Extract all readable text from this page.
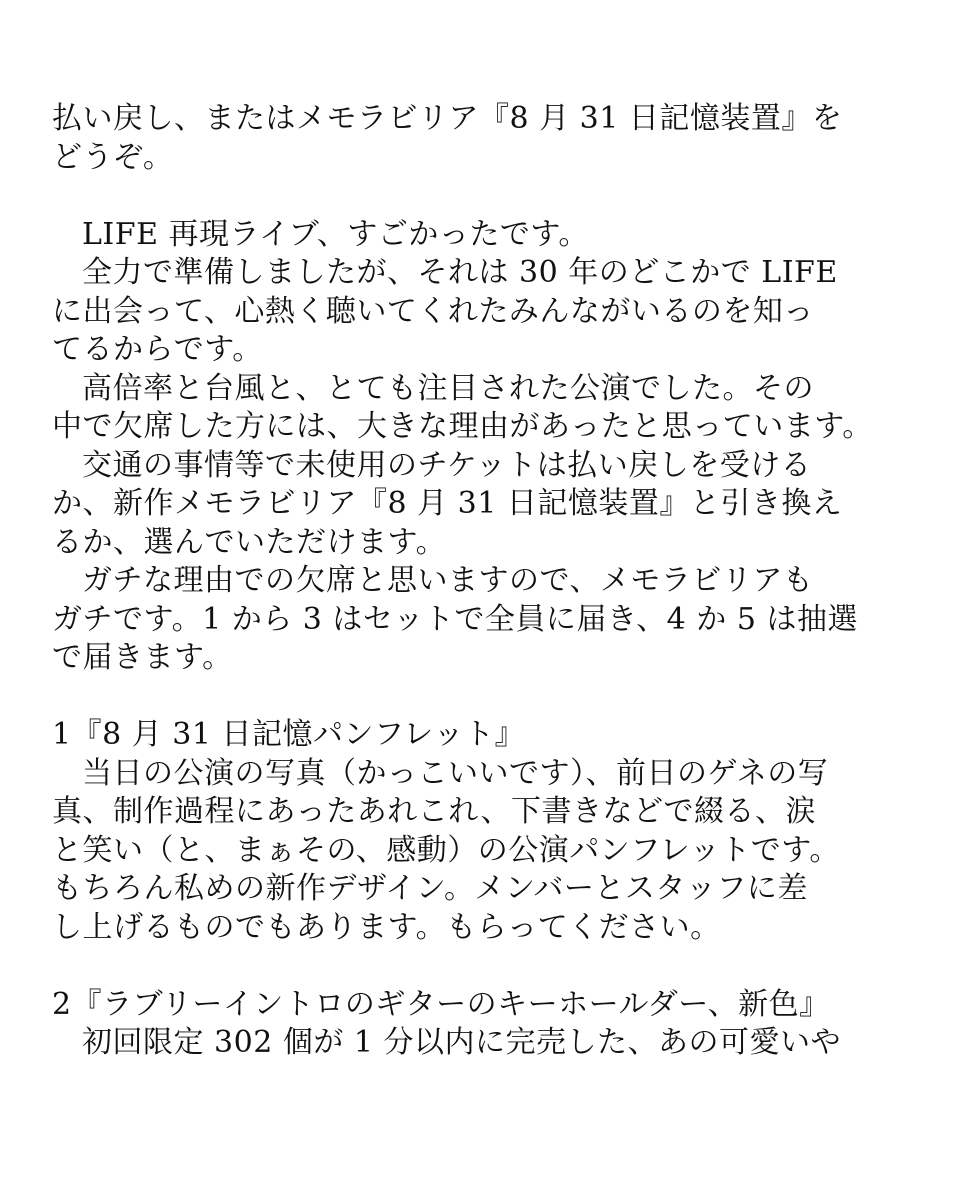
払い戻し、またはメモラビリア『8 月 31 日記憶装置』を
どうぞ。
LIFE 再現ライブ、すごかったです。
全力で準備しましたが、それは 30 年のどこかで LIFE
に出会って、心熱く聴いてくれたみんながいるのを知っ
てるからです。
高倍率と台風と、とても注目された公演でした。その
中で欠席した方には、大きな理由があったと思っています。
交通の事情等で未使用のチケットは払い戻しを受ける
か、新作メモラビリア『8 月 31 日記憶装置』と引き換え
るか、選んでいただけます。
ガチな理由での欠席と思いますので、メモラビリアも
ガチです。1 から 3 はセットで全員に届き、4 か 5 は抽選
で届きます。
1『8 月 31 日記憶パンフレット』
当日の公演の写真（かっこいいです）、前日のゲネの写
真、制作過程にあったあれこれ、下書きなどで綴る、涙
と笑い（と、まぁその、感動）の公演パンフレットです。
もちろん私めの新作デザイン。メンバーとスタッフに差
し上げるものでもあります。もらってください。
2『ラブリーイントロのギターのキーホールダー、新色』
初回限定 302 個が 1 分以内に完売した、あの可愛いや
